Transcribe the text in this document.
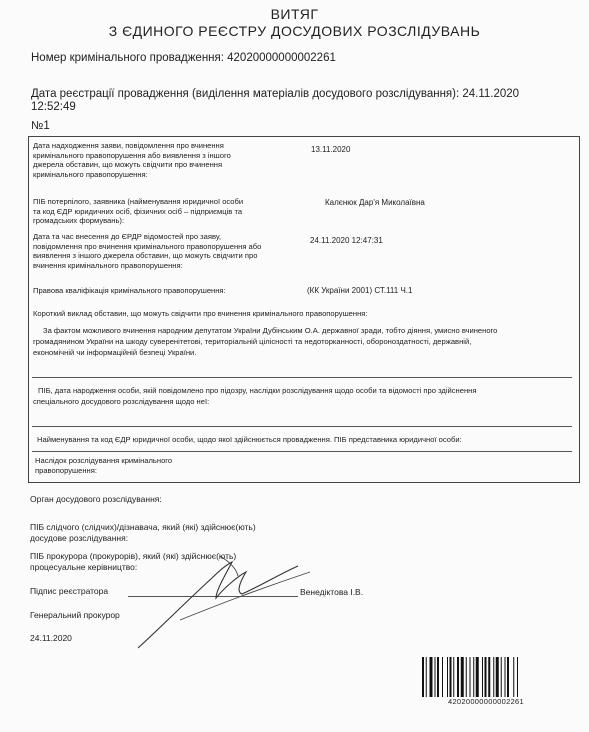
ВИТЯГ
З ЄДИНОГО РЕЄСТРУ ДОСУДОВИХ РОЗСЛІДУВАНЬ
Номер кримінального провадження: 42020000000002261
Дата реєстрації провадження (виділення матеріалів досудового розслідування): 24.11.2020
12:52:49
№1
Дата надходження заяви, повідомлення про вчинення
кримінального правопорушення або виявлення з іншого
джерела обставин, що можуть свідчити про вчинення
кримінального правопорушення:
13.11.2020
ПІБ потерпілого, заявника (найменування юридичної особи
та код ЄДР юридичних осіб, фізичних осіб – підприємців та
громадських формувань):
Калєнюк Дар'я Миколаївна
Дата та час внесення до ЄРДР відомостей про заяву,
повідомлення про вчинення кримінального правопорушення або
виявлення з іншого джерела обставин, що можуть свідчити про
вчинення кримінального правопорушення:
24.11.2020 12:47:31
Правова кваліфікація кримінального правопорушення:	(КК України 2001) СТ.111 Ч.1
Короткий виклад обставин, що можуть свідчити про вчинення кримінального правопорушення:
За фактом можливого вчинення народним депутатом України Дубінським О.А. державної зради, тобто діяння, умисно вчиненого
громадянином України на шкоду суверенітетові, територіальній цілісності та недоторканності, обороноздатності, державній,
економічній чи інформаційній безпеці України.
ПІБ, дата народження особи, якій повідомлено про підозру, наслідки розслідування щодо особи та відомості про здійснення
спеціального досудового розслідування щодо неї:
Найменування та код ЄДР юридичної особи, щодо якої здійснюється провадження. ПІБ представника юридичної особи:
Наслідок розслідування кримінального
правопорушення:
Орган досудового розслідування:
ПІБ слідчого (слідчих)/дізнавача, який (які) здійснює(ють)
досудове розслідування:
ПІБ прокурора (прокурорів), який (які) здійснює(ють)
процесуальне керівництво:
Підпис реєстратора	Венедіктова І.В.
Генеральний прокурор
24.11.2020
42020000000002261
